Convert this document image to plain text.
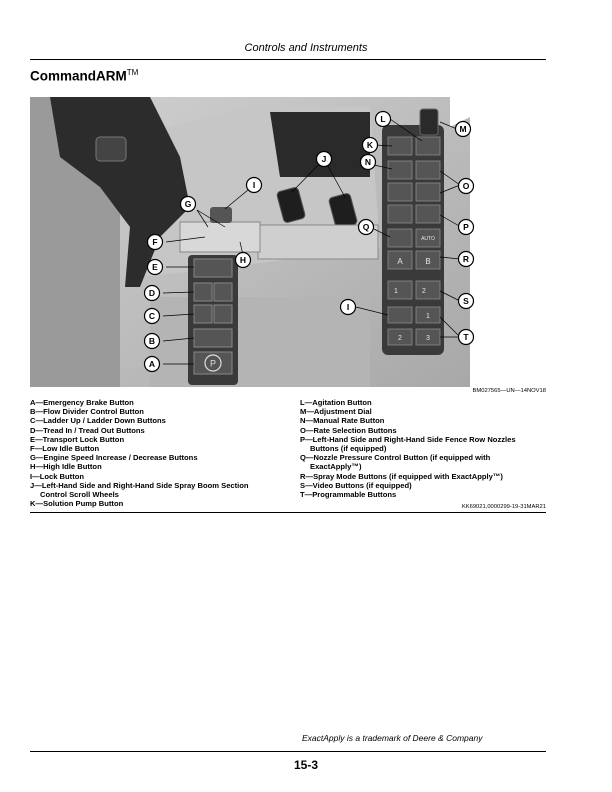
Controls and Instruments
CommandARM™
P
AUTO
A	B
1	2
1
2	3
A
B
C
D
E
F
G
H
I
I
J
K
L
M
N
O
P
Q
R
S
T
BM027565—UN—14NOV18
A—Emergency Brake Button
B—Flow Divider Control Button
C—Ladder Up / Ladder Down Buttons
D—Tread In / Tread Out Buttons
E—Transport Lock Button
F—Low Idle Button
G—Engine Speed Increase / Decrease Buttons
H—High Idle Button
I—Lock Button
J—Left-Hand Side and Right-Hand Side Spray Boom Section
Control Scroll Wheels
K—Solution Pump Button
L—Agitation Button
M—Adjustment Dial
N—Manual Rate Button
O—Rate Selection Buttons
P—Left-Hand Side and Right-Hand Side Fence Row Nozzles
Buttons (if equipped)
Q—Nozzle Pressure Control Button (if equipped with
ExactApply™)
R—Spray Mode Buttons (if equipped with ExactApply™)
S—Video Buttons (if equipped)
T—Programmable Buttons
KK69021,0000299-19-31MAR21
ExactApply is a trademark of Deere & Company
15-3
